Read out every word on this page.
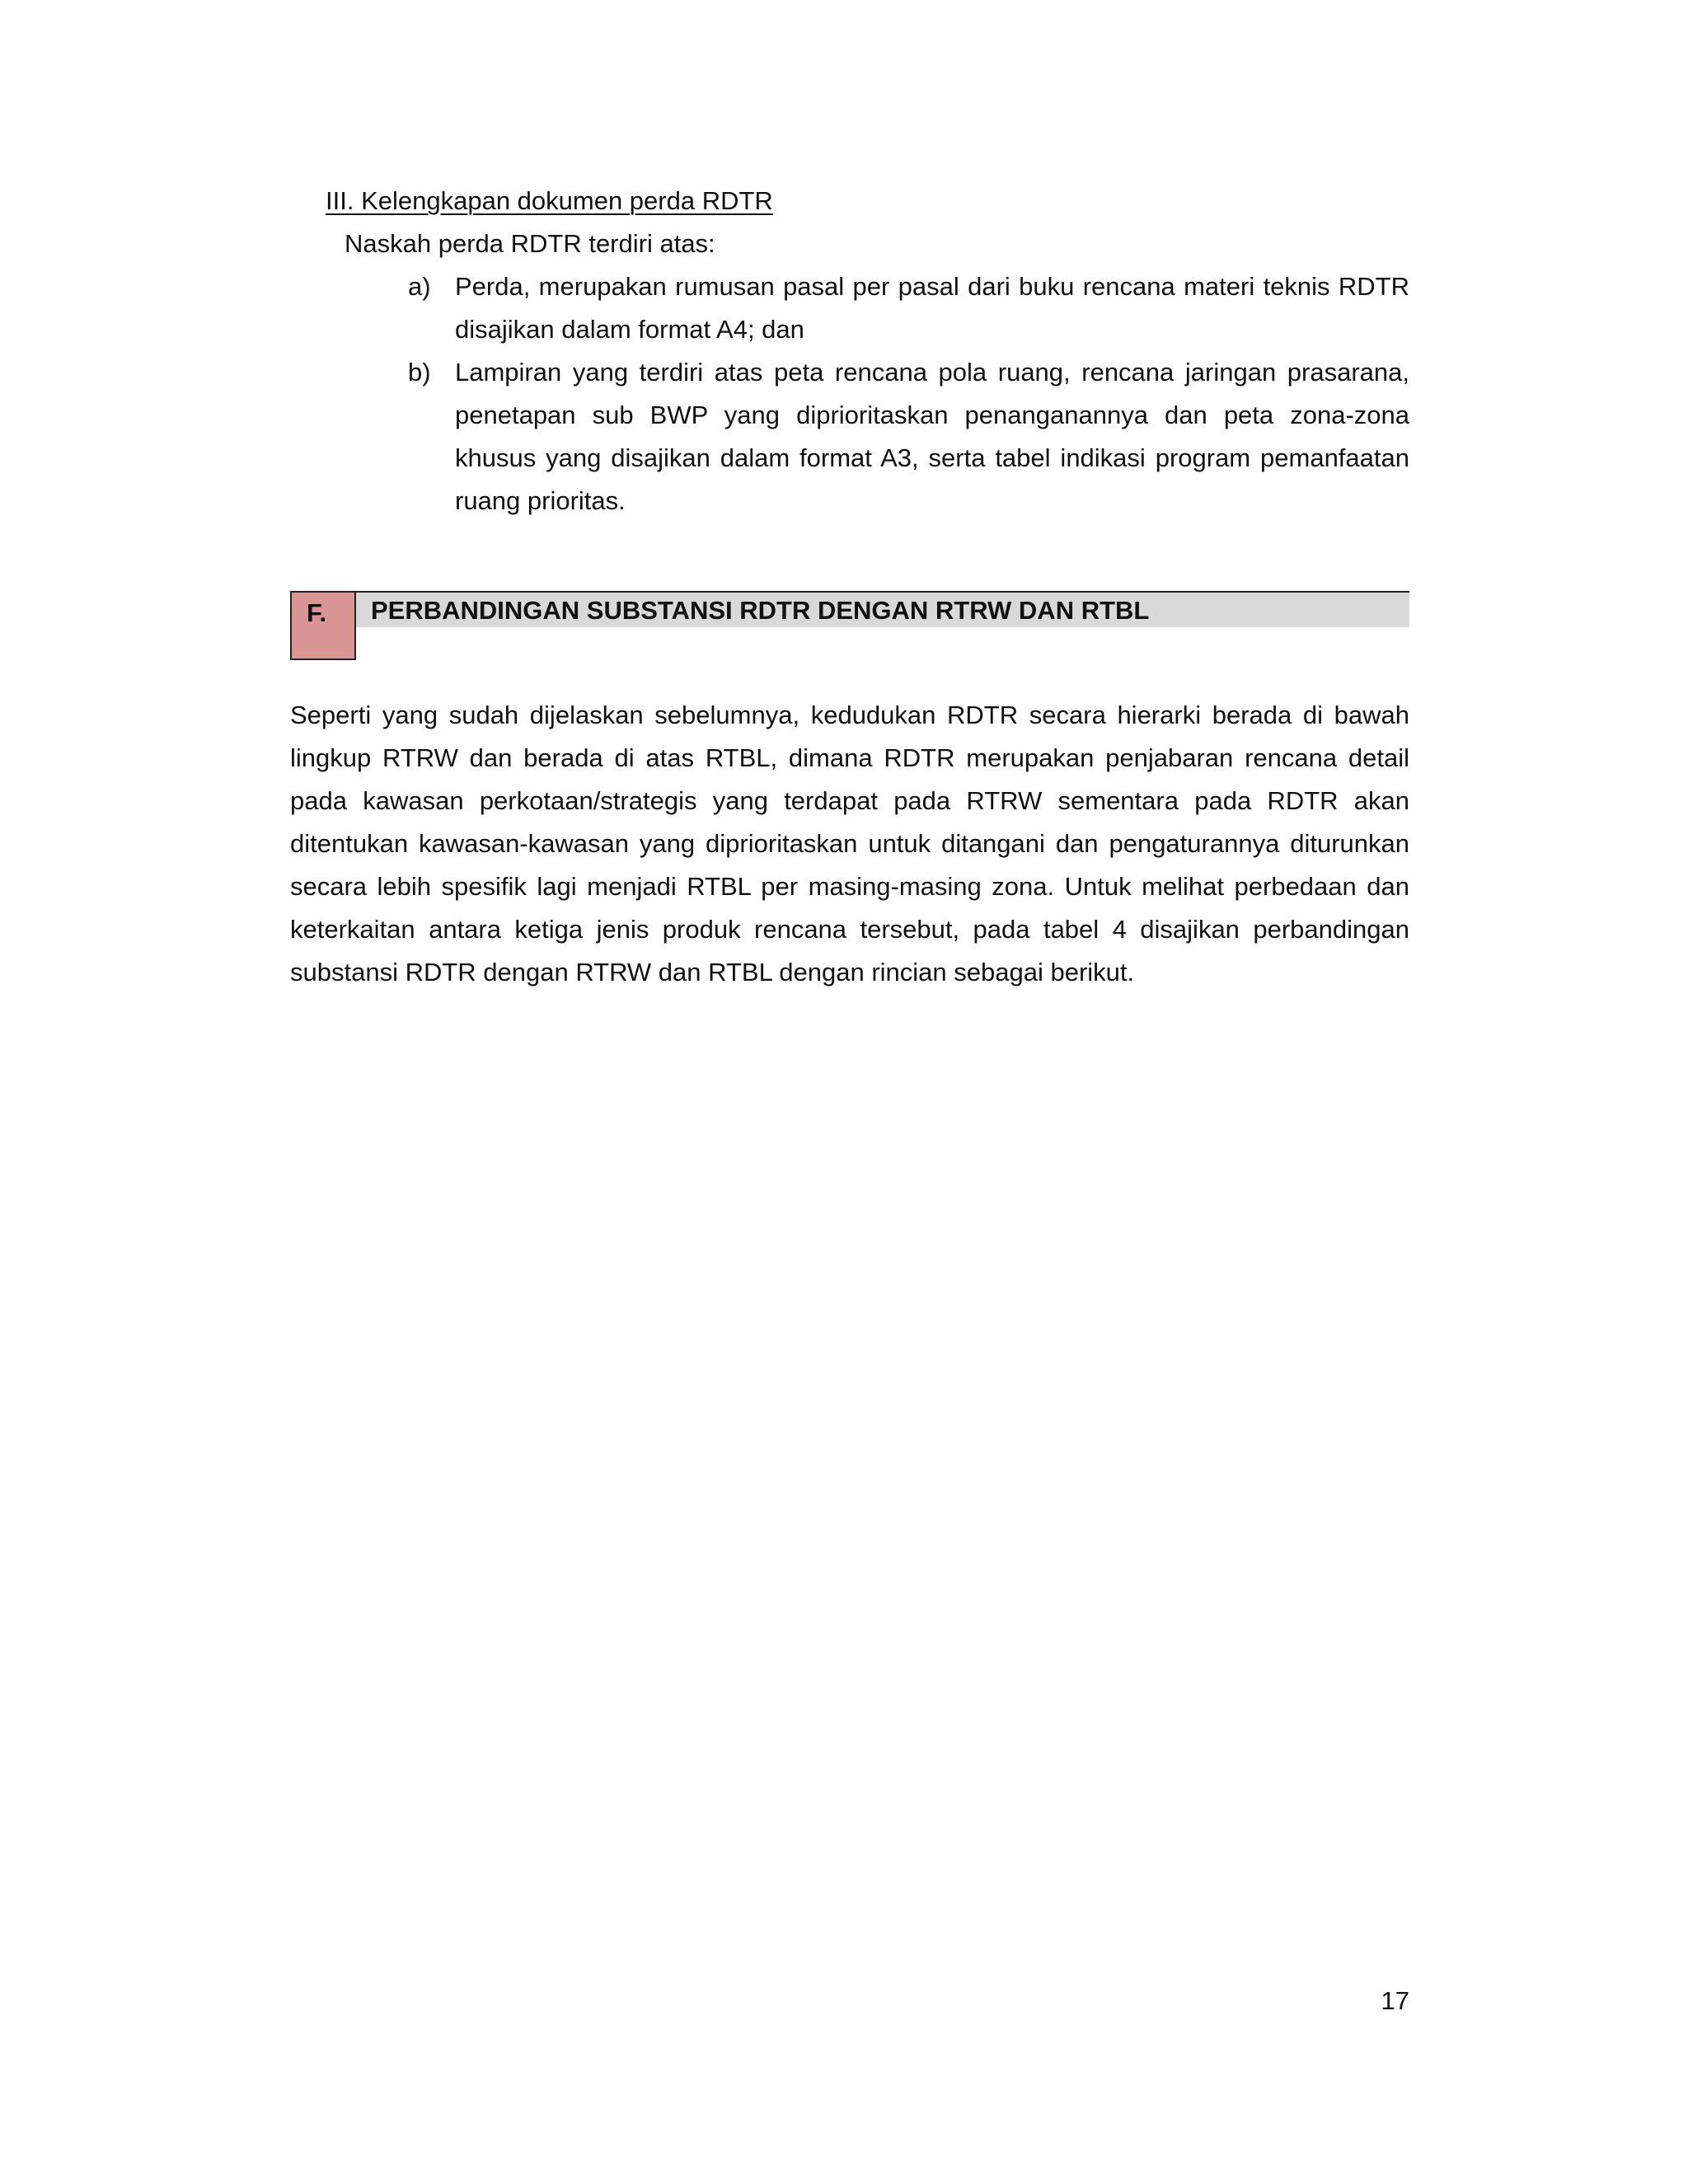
III. Kelengkapan dokumen perda RDTR

Naskah perda RDTR terdiri atas:

a) Perda, merupakan rumusan pasal per pasal dari buku rencana materi teknis RDTR disajikan dalam format A4; dan
b) Lampiran yang terdiri atas peta rencana pola ruang, rencana jaringan prasarana, penetapan sub BWP yang diprioritaskan penanganannya dan peta zona-zona khusus yang disajikan dalam format A3, serta tabel indikasi program pemanfaatan ruang prioritas.
F. PERBANDINGAN SUBSTANSI RDTR DENGAN RTRW DAN RTBL

Seperti yang sudah dijelaskan sebelumnya, kedudukan RDTR secara hierarki berada di bawah lingkup RTRW dan berada di atas RTBL, dimana RDTR merupakan penjabaran rencana detail pada kawasan perkotaan/strategis yang terdapat pada RTRW sementara pada RDTR akan ditentukan kawasan-kawasan yang diprioritaskan untuk ditangani dan pengaturannya diturunkan secara lebih spesifik lagi menjadi RTBL per masing-masing zona. Untuk melihat perbedaan dan keterkaitan antara ketiga jenis produk rencana tersebut, pada tabel 4 disajikan perbandingan substansi RDTR dengan RTRW dan RTBL dengan rincian sebagai berikut.

17
